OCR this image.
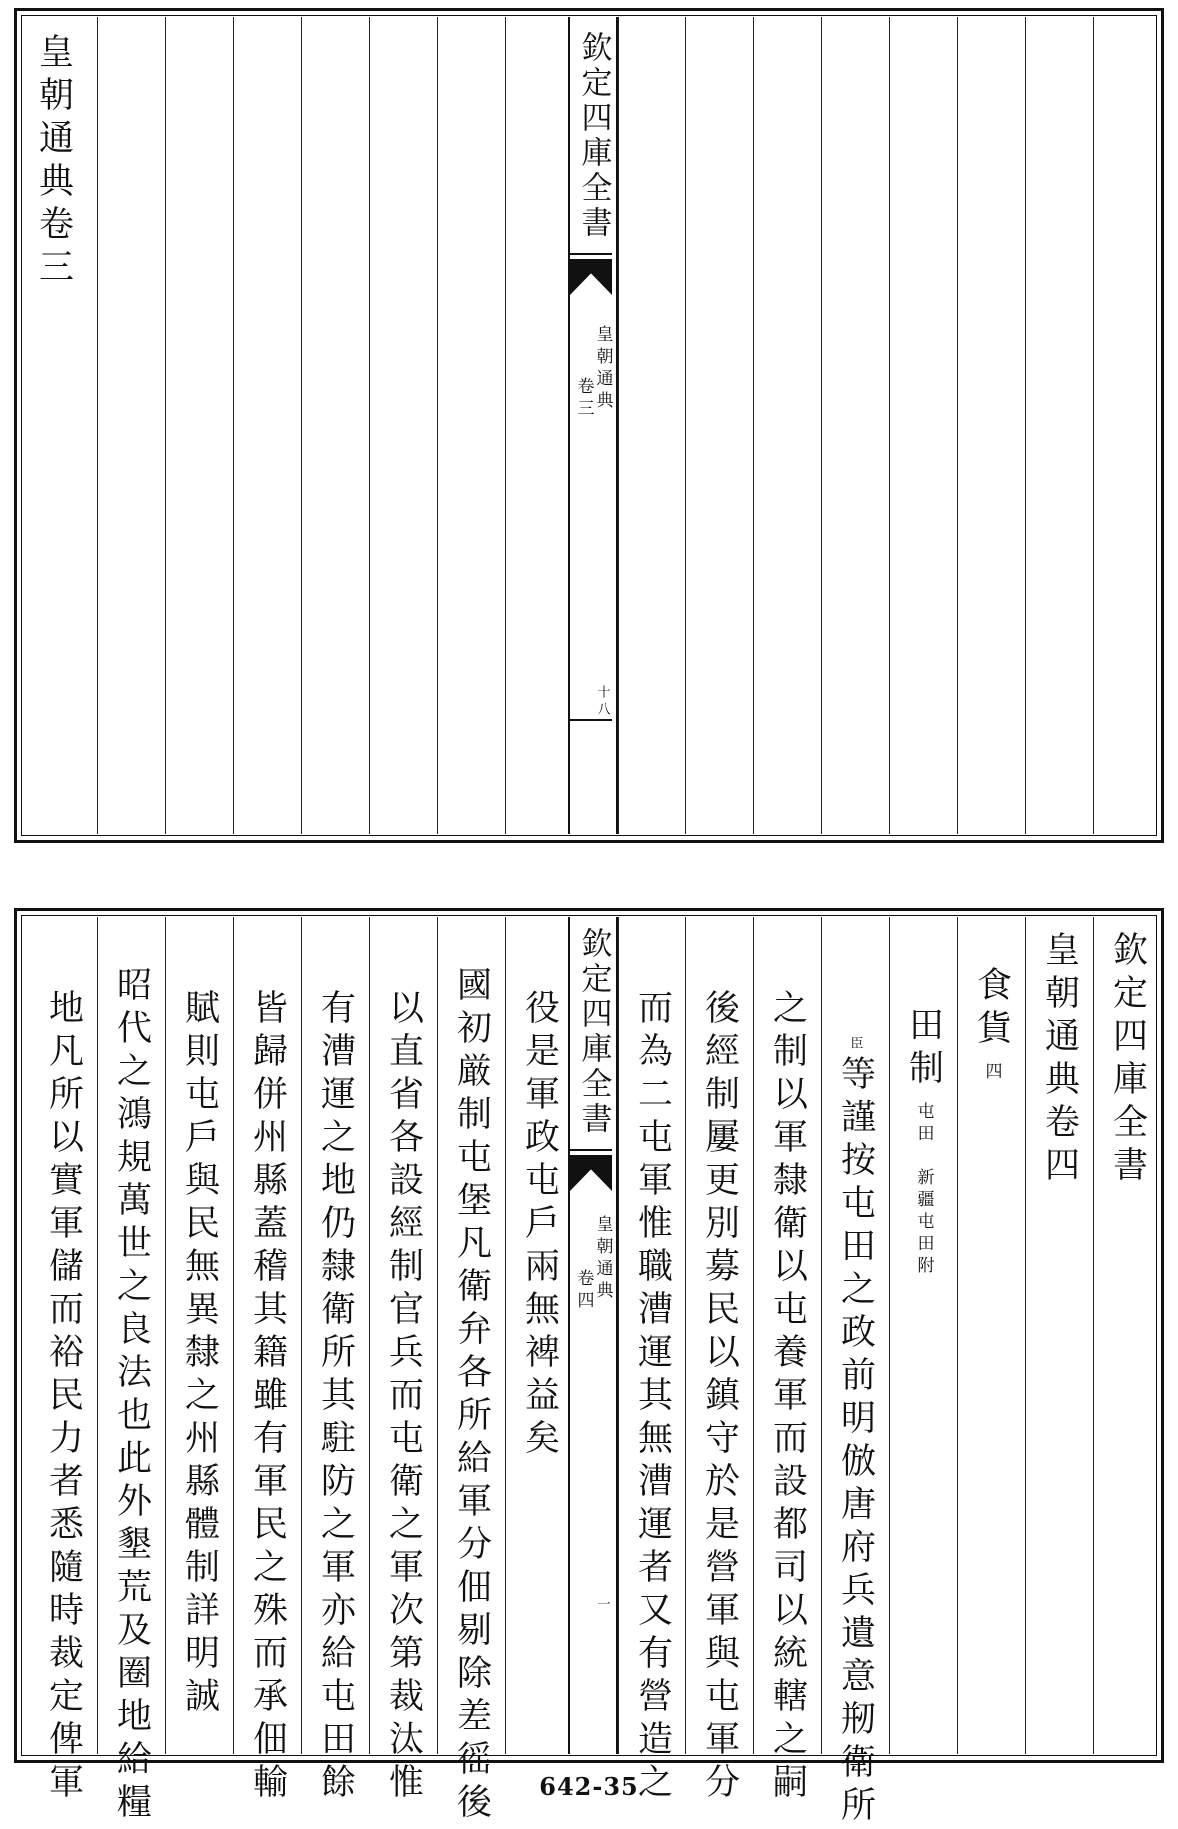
皇朝通典卷三	欽定四庫全書
皇朝通典
卷三
十八
欽定四庫全書
皇朝通典
卷四
一
欽定四庫全書
皇朝通典卷四
食貨
四
田制
屯田　新疆屯田附
臣
等謹按屯田之政前明倣唐府兵遺意剏衛所
之制以軍隸衛以屯養軍而設都司以統轄之嗣
後經制屢更別募民以鎮守於是營軍與屯軍分
而為二屯軍惟職漕運其無漕運者又有營造之
役是軍政屯戶兩無裨益矣
國初厳制屯堡凡衛弁各所給軍分佃剔除差徭後
以直省各設經制官兵而屯衛之軍次第裁汰惟
有漕運之地仍隸衛所其駐防之軍亦給屯田餘
皆歸併州縣蓋稽其籍雖有軍民之殊而承佃輸
賦則屯戶與民無異隸之州縣體制詳明誠
昭代之鴻規萬世之良法也此外墾荒及圈地給糧
地凡所以實軍儲而裕民力者悉隨時裁定俾軍	642-35
